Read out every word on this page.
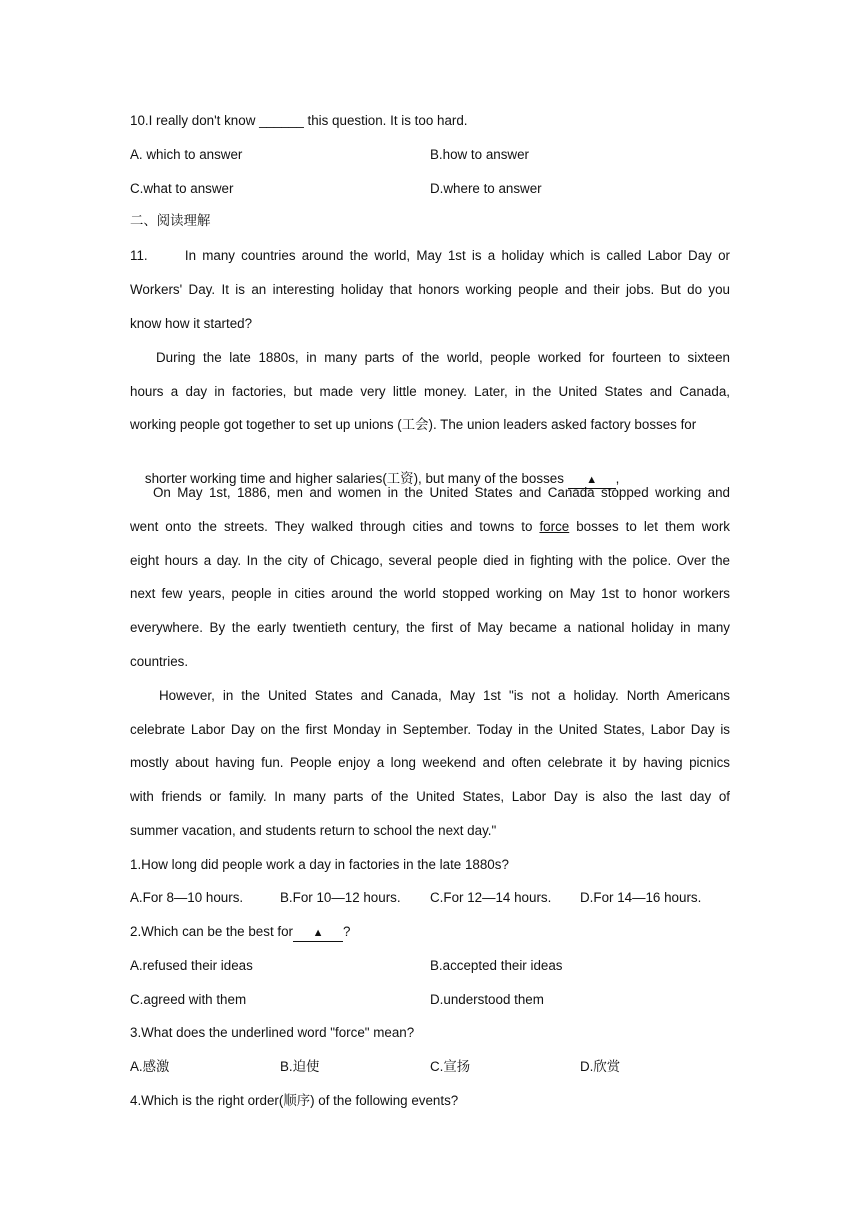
10.I really don't know ______ this question. It is too hard.
A. which to answer	B.how to answer
C.what to answer	D.where to answer
二、阅读理解
11.      In many countries around the world, May 1st is a holiday which is called Labor Day or
Workers' Day. It is an interesting holiday that honors working people and their jobs. But do you
know how it started?
During the late 1880s, in many parts of the world, people worked for fourteen to sixteen
hours a day in factories, but made very little money. Later, in the United States and Canada,
working people got together to set up unions (工会). The union leaders asked factory bosses for

shorter working time and higher salaries(工资), but many of the bosses ▲ ,

On May 1st, 1886, men and women in the United States and Canada stopped working and
went onto the streets. They walked through cities and towns to force bosses to let them work
eight hours a day. In the city of Chicago, several people died in fighting with the police. Over the
next few years, people in cities around the world stopped working on May 1st to honor workers
everywhere. By the early twentieth century, the first of May became a national holiday in many
countries.
However, in the United States and Canada, May 1st "is not a holiday. North Americans
celebrate Labor Day on the first Monday in September. Today in the United States, Labor Day is
mostly about having fun. People enjoy a long weekend and often celebrate it by having picnics
with friends or family. In many parts of the United States, Labor Day is also the last day of
summer vacation, and students return to school the next day."
1.How long did people work a day in factories in the late 1880s?
A.For 8—10 hours.	B.For 10—12 hours. C.For 12—14 hours. D.For 14—16 hours.
2.Which can be the best for ▲ ?
A.refused their ideas	B.accepted their ideas
C.agreed with them	D.understood them
3.What does the underlined word "force" mean?
A.感激	B.迫使	C.宣扬	D.欣赏
4.Which is the right order(顺序) of the following events?
